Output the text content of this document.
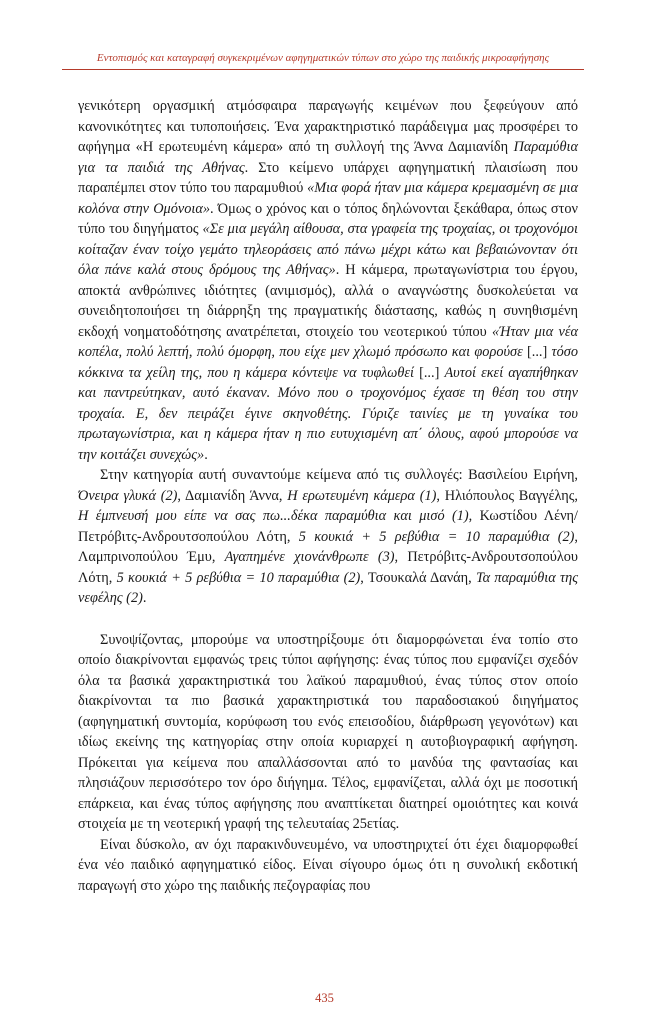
Εντοπισμός και καταγραφή συγκεκριμένων αφηγηματικών τύπων στο χώρο της παιδικής μικροαφήγησης

γενικότερη οργασμική ατμόσφαιρα παραγωγής κειμένων που ξεφεύγουν από κανονικότητες και τυποποιήσεις. Ένα χαρακτηριστικό παράδειγμα μας προσφέρει το αφήγημα «Η ερωτευμένη κάμερα» από τη συλλογή της Άννα Δαμιανίδη Παραμύθια για τα παιδιά της Αθήνας. Στο κείμενο υπάρχει αφηγηματική πλαισίωση που παραπέμπει στον τύπο του παραμυθιού «Μια φορά ήταν μια κάμερα κρεμασμένη σε μια κολόνα στην Ομόνοια». Όμως ο χρόνος και ο τόπος δηλώνονται ξεκάθαρα, όπως στον τύπο του διηγήματος «Σε μια μεγάλη αίθουσα, στα γραφεία της τροχαίας, οι τροχονόμοι κοίταζαν έναν τοίχο γεμάτο τηλεοράσεις από πάνω μέχρι κάτω και βεβαιώνονταν ότι όλα πάνε καλά στους δρόμους της Αθήνας». Η κάμερα, πρωταγωνίστρια του έργου, αποκτά ανθρώπινες ιδιότητες (ανιμισμός), αλλά ο αναγνώστης δυσκολεύεται να συνειδητοποιήσει τη διάρρηξη της πραγματικής διάστασης, καθώς η συνηθισμένη εκδοχή νοηματοδότησης ανατρέπεται, στοιχείο του νεοτερικού τύπου «Ήταν μια νέα κοπέλα, πολύ λεπτή, πολύ όμορφη, που είχε μεν χλωμό πρόσωπο και φορούσε [...] τόσο κόκκινα τα χείλη της, που η κάμερα κόντεψε να τυφλωθεί [...] Αυτοί εκεί αγαπήθηκαν και παντρεύτηκαν, αυτό έκαναν. Μόνο που ο τροχονόμος έχασε τη θέση του στην τροχαία. Ε, δεν πειράζει έγινε σκηνοθέτης. Γύριζε ταινίες με τη γυναίκα του πρωταγωνίστρια, και η κάμερα ήταν η πιο ευτυχισμένη απ΄ όλους, αφού μπορούσε να την κοιτάζει συνεχώς».

Στην κατηγορία αυτή συναντούμε κείμενα από τις συλλογές: Βασιλείου Ειρήνη, Όνειρα γλυκά (2), Δαμιανίδη Άννα, Η ερωτευμένη κάμερα (1), Ηλιόπουλος Βαγγέλης, Η έμπνευσή μου είπε να σας πω...δέκα παραμύθια και μισό (1), Κωστίδου Λένη/Πετρόβιτς-Ανδρουτσοπούλου Λότη, 5 κουκιά + 5 ρεβύθια = 10 παραμύθια (2), Λαμπρινοπούλου Έμυ, Αγαπημένε χιονάνθρωπε (3), Πετρόβιτς-Ανδρουτσοπούλου Λότη, 5 κουκιά + 5 ρεβύθια = 10 παραμύθια (2), Τσουκαλά Δανάη, Τα παραμύθια της νεφέλης (2).

Συνοψίζοντας, μπορούμε να υποστηρίξουμε ότι διαμορφώνεται ένα τοπίο στο οποίο διακρίνονται εμφανώς τρεις τύποι αφήγησης: ένας τύπος που εμφανίζει σχεδόν όλα τα βασικά χαρακτηριστικά του λαϊκού παραμυθιού, ένας τύπος στον οποίο διακρίνονται τα πιο βασικά χαρακτηριστικά του παραδοσιακού διηγήματος (αφηγηματική συντομία, κορύφωση του ενός επεισοδίου, διάρθρωση γεγονότων) και ιδίως εκείνης της κατηγορίας στην οποία κυριαρχεί η αυτοβιογραφική αφήγηση. Πρόκειται για κείμενα που απαλλάσσονται από το μανδύα της φαντασίας και πλησιάζουν περισσότερο τον όρο διήγημα. Τέλος, εμφανίζεται, αλλά όχι με ποσοτική επάρκεια, και ένας τύπος αφήγησης που αναπτίκεται διατηρεί ομοιότητες και κοινά στοιχεία με τη νεοτερική γραφή της τελευταίας 25ετίας.

Είναι δύσκολο, αν όχι παρακινδυνευμένο, να υποστηριχτεί ότι έχει διαμορφωθεί ένα νέο παιδικό αφηγηματικό είδος. Είναι σίγουρο όμως ότι η συνολική εκδοτική παραγωγή στο χώρο της παιδικής πεζογραφίας που

435
